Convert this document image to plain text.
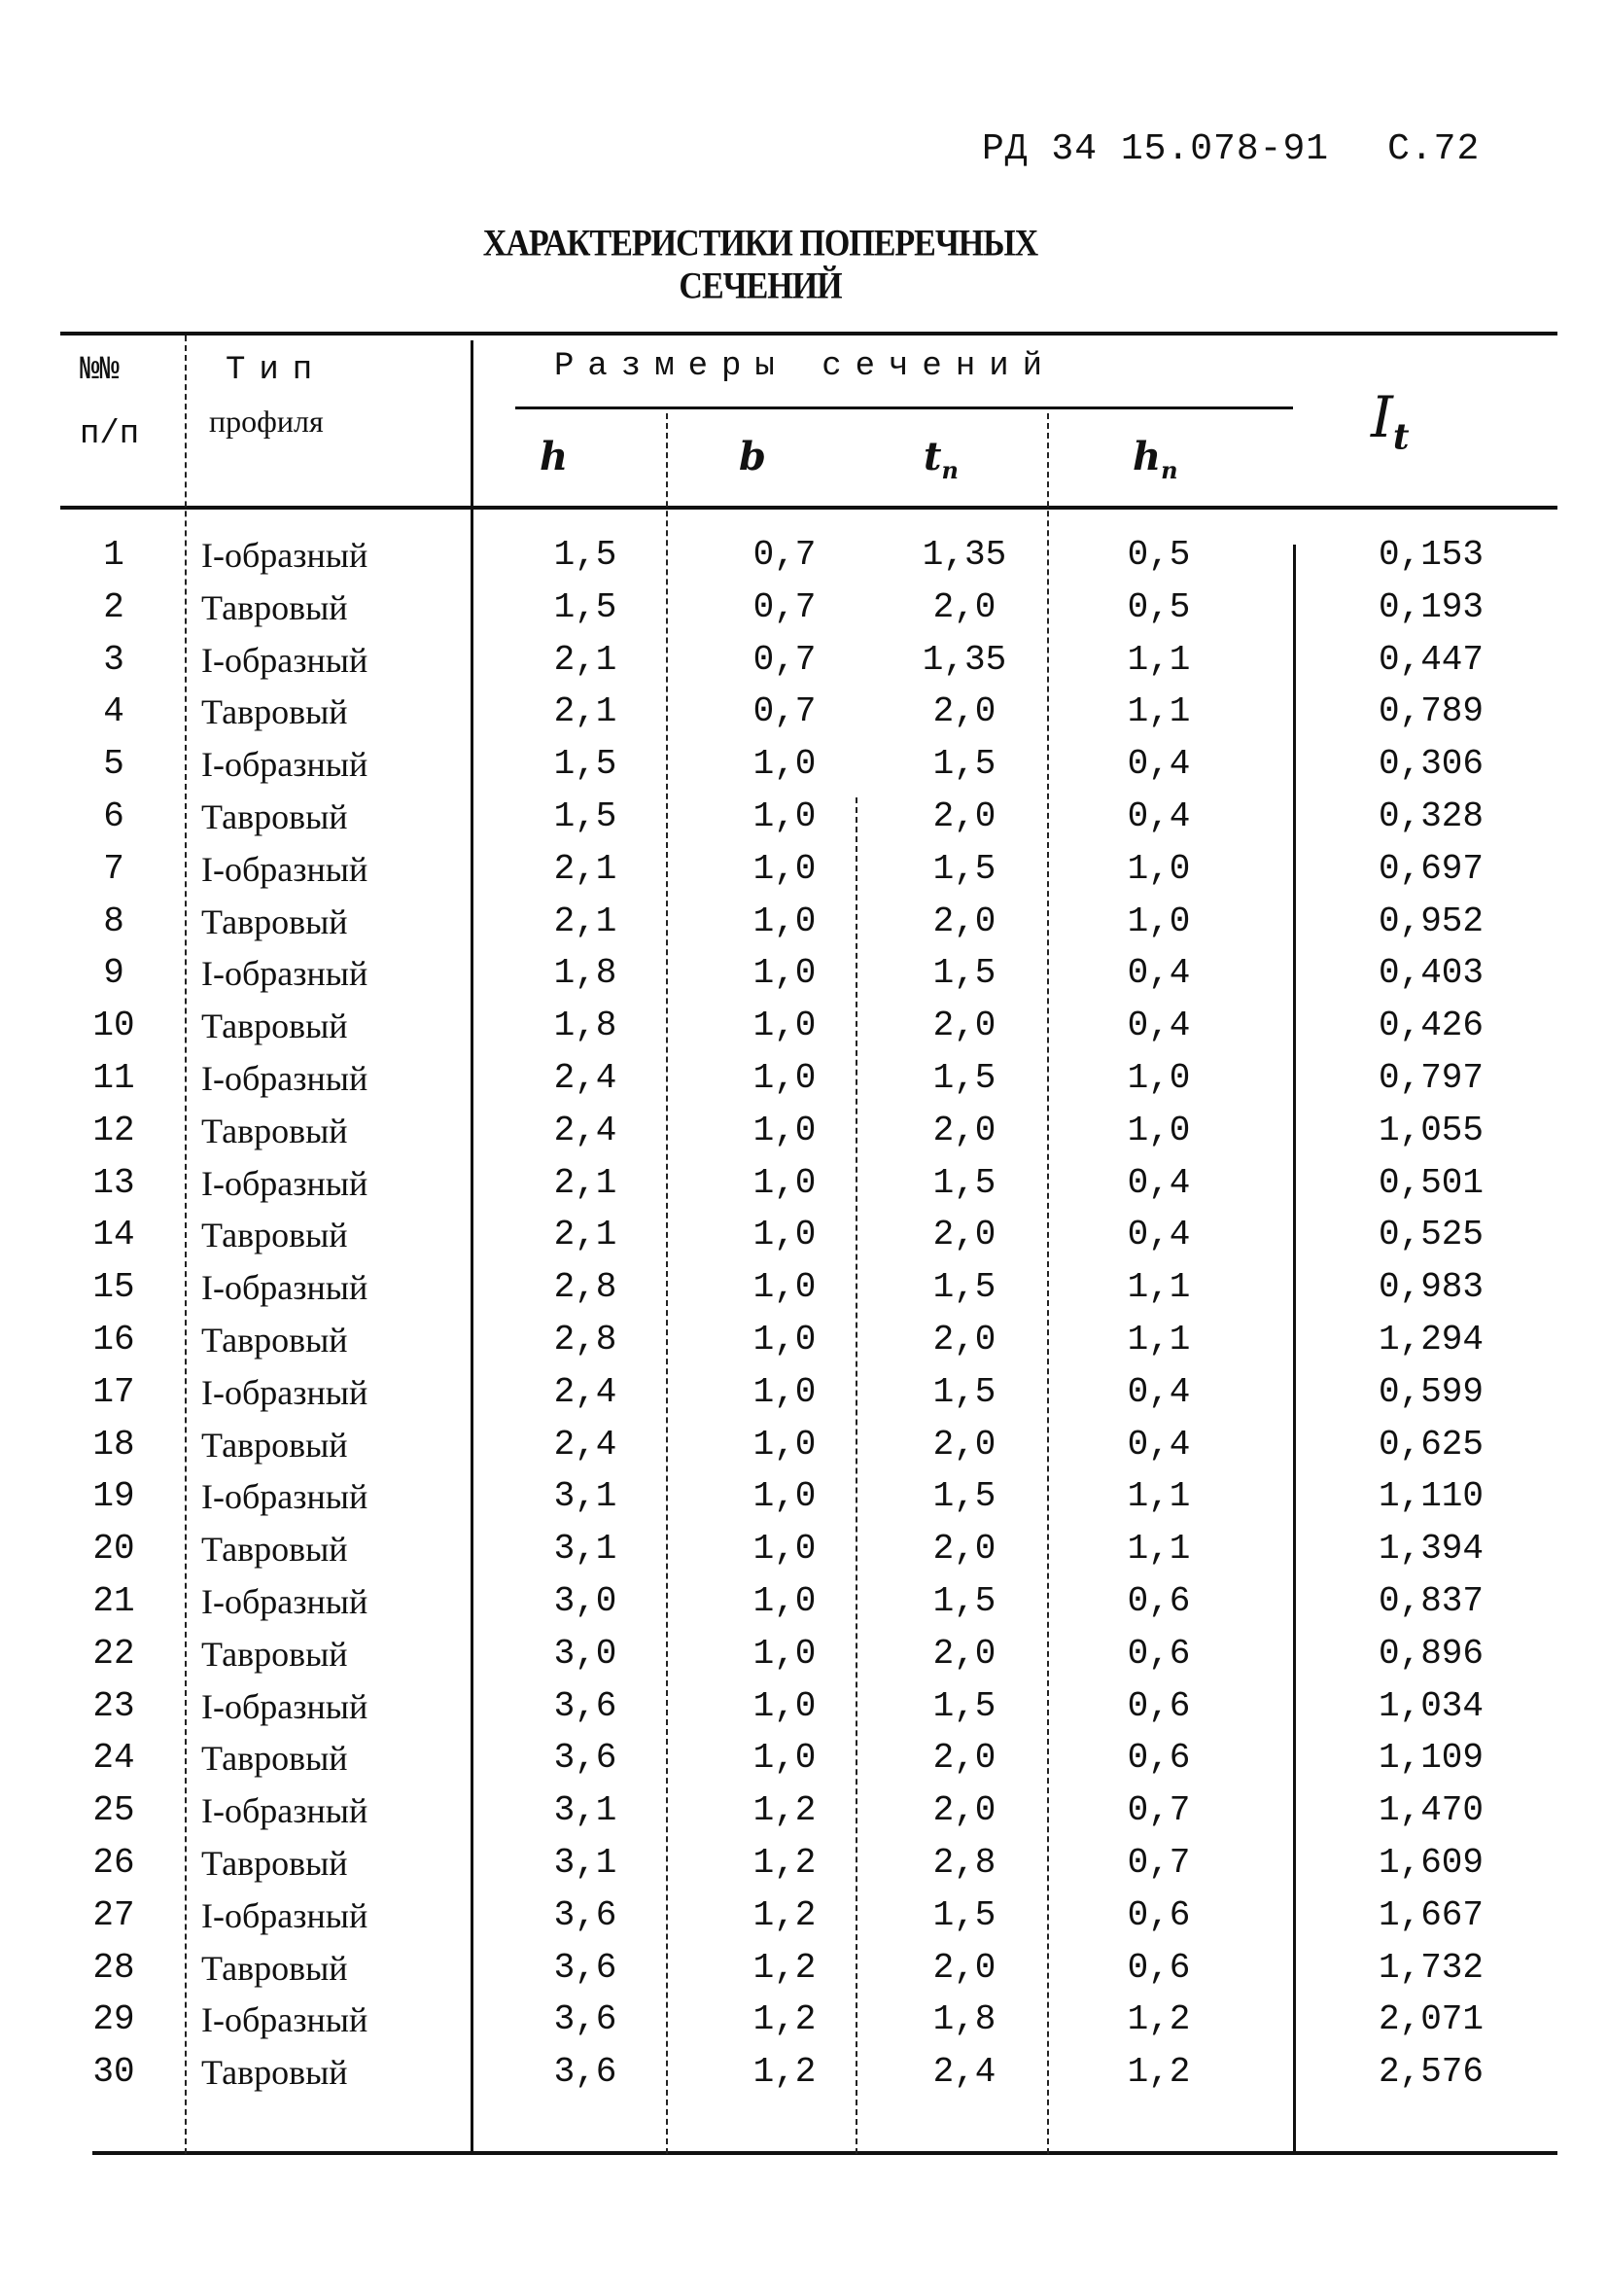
РД 34 15.078-91 С.72
ХАРАКТЕРИСТИКИ ПОПЕРЕЧНЫХ СЕЧЕНИЙ
№№
п/п
Тип
профиля
Размеры сечений
h	b	$t_п$	$h_п$
$I_t$
1	I-образный	1,5	0,7	1,35	0,5	0,153
2	Тавровый	1,5	0,7	2,0	0,5	0,193
3	I-образный	2,1	0,7	1,35	1,1	0,447
4	Тавровый	2,1	0,7	2,0	1,1	0,789
5	I-образный	1,5	1,0	1,5	0,4	0,306
6	Тавровый	1,5	1,0	2,0	0,4	0,328
7	I-образный	2,1	1,0	1,5	1,0	0,697
8	Тавровый	2,1	1,0	2,0	1,0	0,952
9	I-образный	1,8	1,0	1,5	0,4	0,403
10	Тавровый	1,8	1,0	2,0	0,4	0,426
11	I-образный	2,4	1,0	1,5	1,0	0,797
12	Тавровый	2,4	1,0	2,0	1,0	1,055
13	I-образный	2,1	1,0	1,5	0,4	0,501
14	Тавровый	2,1	1,0	2,0	0,4	0,525
15	I-образный	2,8	1,0	1,5	1,1	0,983
16	Тавровый	2,8	1,0	2,0	1,1	1,294
17	I-образный	2,4	1,0	1,5	0,4	0,599
18	Тавровый	2,4	1,0	2,0	0,4	0,625
19	I-образный	3,1	1,0	1,5	1,1	1,110
20	Тавровый	3,1	1,0	2,0	1,1	1,394
21	I-образный	3,0	1,0	1,5	0,6	0,837
22	Тавровый	3,0	1,0	2,0	0,6	0,896
23	I-образный	3,6	1,0	1,5	0,6	1,034
24	Тавровый	3,6	1,0	2,0	0,6	1,109
25	I-образный	3,1	1,2	2,0	0,7	1,470
26	Тавровый	3,1	1,2	2,8	0,7	1,609
27	I-образный	3,6	1,2	1,5	0,6	1,667
28	Тавровый	3,6	1,2	2,0	0,6	1,732
29	I-образный	3,6	1,2	1,8	1,2	2,071
30	Тавровый	3,6	1,2	2,4	1,2	2,576
